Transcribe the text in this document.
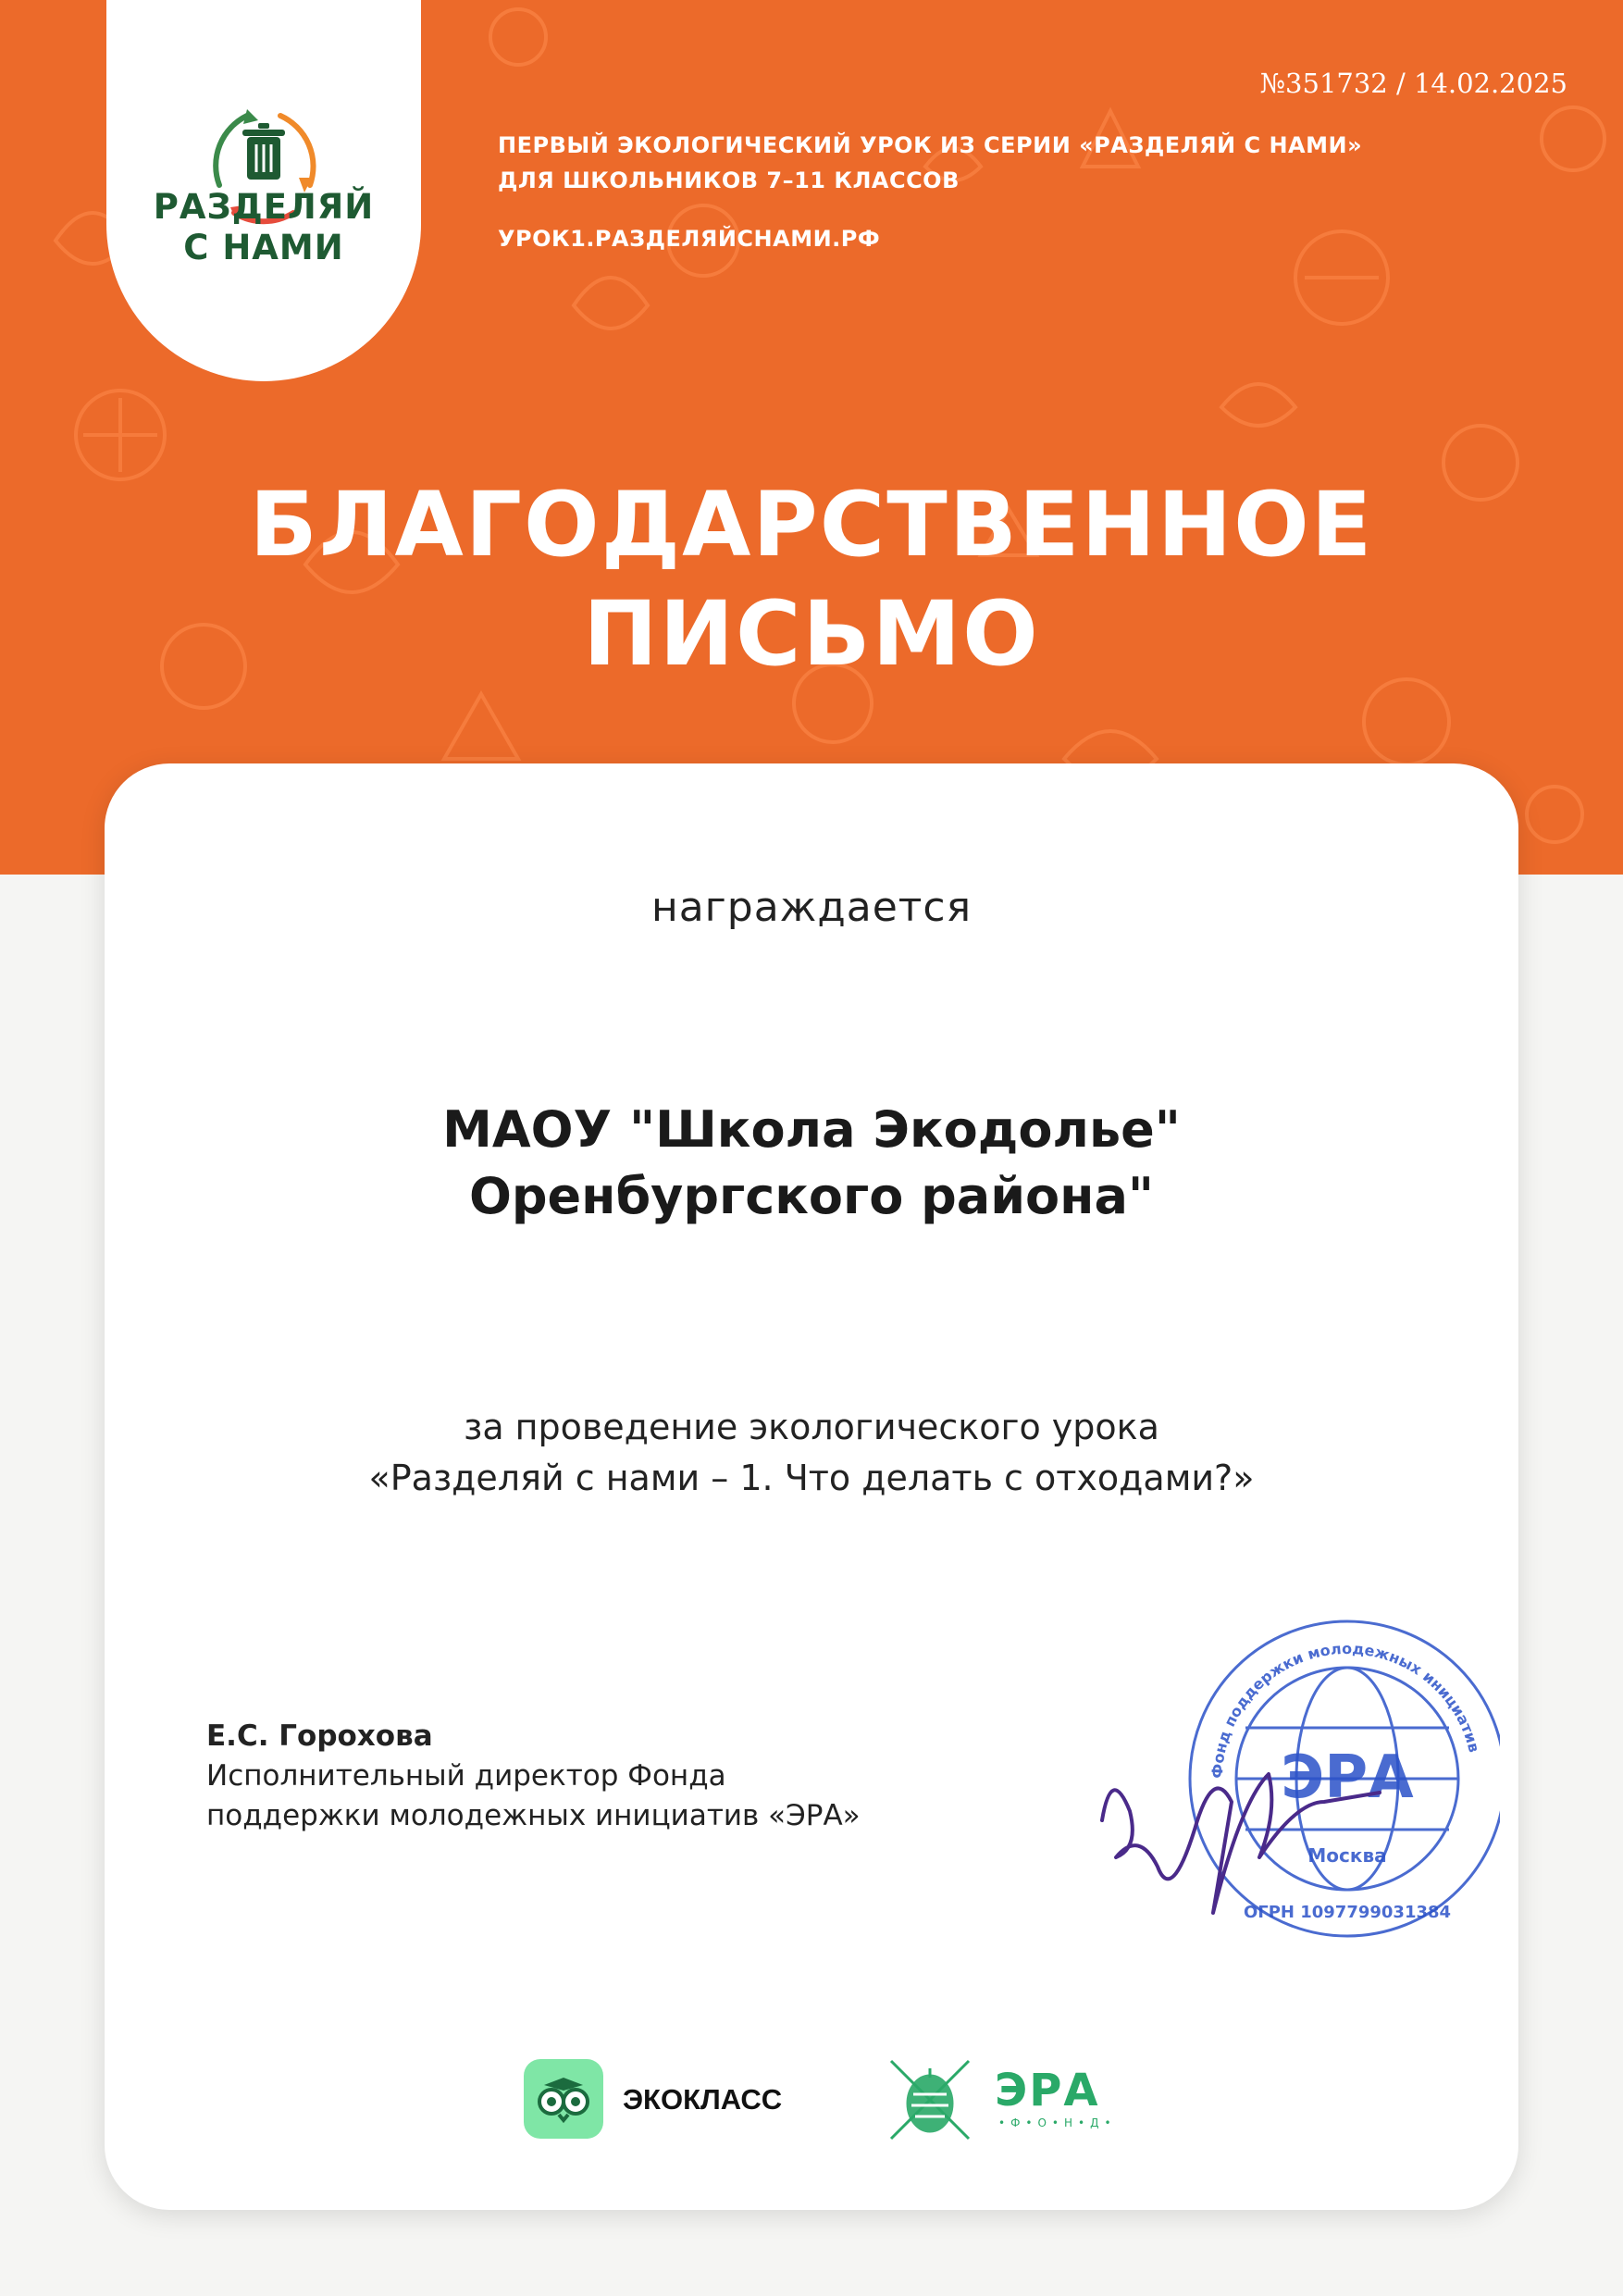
РАЗДЕЛЯЙ
С НАМИ
№351732 / 14.02.2025
ПЕРВЫЙ ЭКОЛОГИЧЕСКИЙ УРОК ИЗ СЕРИИ «РАЗДЕЛЯЙ С НАМИ»
ДЛЯ ШКОЛЬНИКОВ 7–11 КЛАССОВ
УРОК1.РАЗДЕЛЯЙСНАМИ.РФ
БЛАГОДАРСТВЕННОЕ
ПИСЬМО
награждается
МАОУ "Школа Экодолье"
Оренбургского района"
за проведение экологического урока
«Разделяй с нами – 1. Что делать с отходами?»
Е.С. Горохова
Исполнительный директор Фонда
поддержки молодежных инициатив «ЭРА»
Фонд поддержки молодежных инициатив
ЭРА
Москва
ОГРН 1097799031384
ЭКОКЛАСС	ЭРА
•Ф•О•Н•Д•
